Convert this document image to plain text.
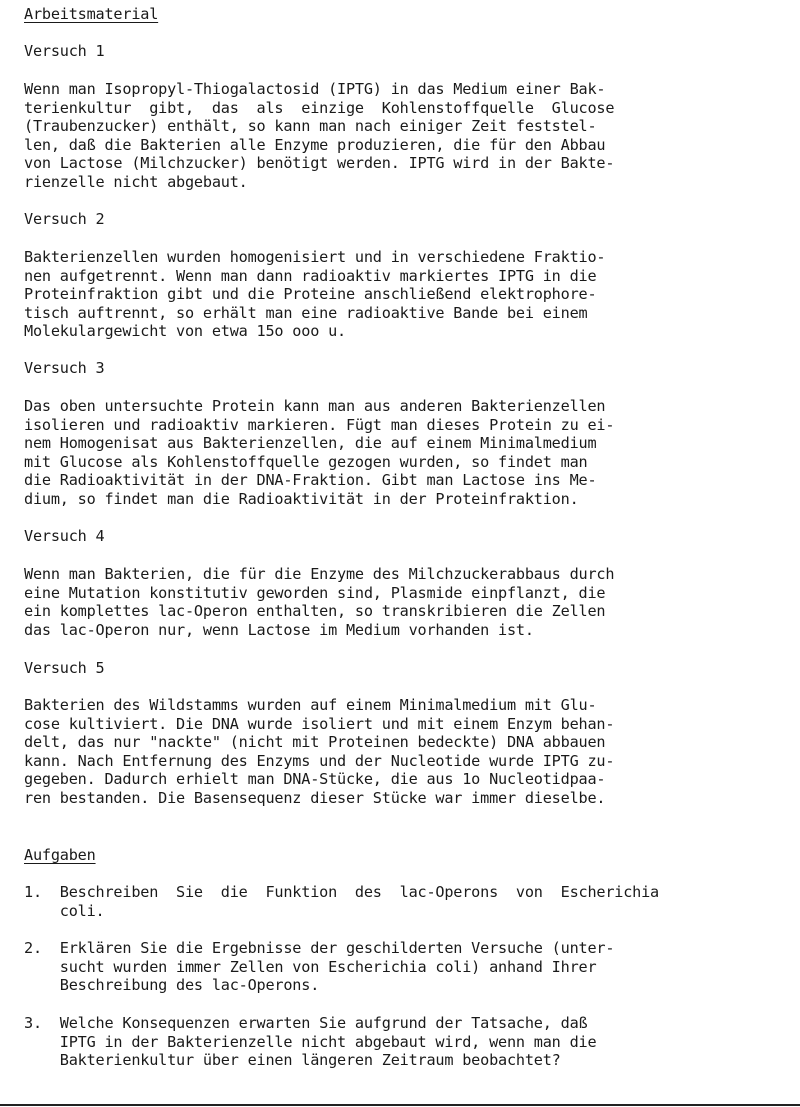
Arbeitsmaterial
Versuch 1
Wenn man Isopropyl-Thiogalactosid (IPTG) in das Medium einer Bak-
terienkultur  gibt,  das  als  einzige  Kohlenstoffquelle  Glucose
(Traubenzucker) enthält, so kann man nach einiger Zeit feststel-
len, daß die Bakterien alle Enzyme produzieren, die für den Abbau
von Lactose (Milchzucker) benötigt werden. IPTG wird in der Bakte-
rienzelle nicht abgebaut.
Versuch 2
Bakterienzellen wurden homogenisiert und in verschiedene Fraktio-
nen aufgetrennt. Wenn man dann radioaktiv markiertes IPTG in die
Proteinfraktion gibt und die Proteine anschließend elektrophore-
tisch auftrennt, so erhält man eine radioaktive Bande bei einem
Molekulargewicht von etwa 15o ooo u.
Versuch 3
Das oben untersuchte Protein kann man aus anderen Bakterienzellen
isolieren und radioaktiv markieren. Fügt man dieses Protein zu ei-
nem Homogenisat aus Bakterienzellen, die auf einem Minimalmedium
mit Glucose als Kohlenstoffquelle gezogen wurden, so findet man
die Radioaktivität in der DNA-Fraktion. Gibt man Lactose ins Me-
dium, so findet man die Radioaktivität in der Proteinfraktion.
Versuch 4
Wenn man Bakterien, die für die Enzyme des Milchzuckerabbaus durch
eine Mutation konstitutiv geworden sind, Plasmide einpflanzt, die
ein komplettes lac-Operon enthalten, so transkribieren die Zellen
das lac-Operon nur, wenn Lactose im Medium vorhanden ist.
Versuch 5
Bakterien des Wildstamms wurden auf einem Minimalmedium mit Glu-
cose kultiviert. Die DNA wurde isoliert und mit einem Enzym behan-
delt, das nur "nackte" (nicht mit Proteinen bedeckte) DNA abbauen
kann. Nach Entfernung des Enzyms und der Nucleotide wurde IPTG zu-
gegeben. Dadurch erhielt man DNA-Stücke, die aus 1o Nucleotidpaa-
ren bestanden. Die Basensequenz dieser Stücke war immer dieselbe.
Aufgaben
1.  Beschreiben  Sie  die  Funktion  des  lac-Operons  von  Escherichia
coli.
2.  Erklären Sie die Ergebnisse der geschilderten Versuche (unter-
sucht wurden immer Zellen von Escherichia coli) anhand Ihrer
Beschreibung des lac-Operons.
3.  Welche Konsequenzen erwarten Sie aufgrund der Tatsache, daß
IPTG in der Bakterienzelle nicht abgebaut wird, wenn man die
Bakterienkultur über einen längeren Zeitraum beobachtet?
